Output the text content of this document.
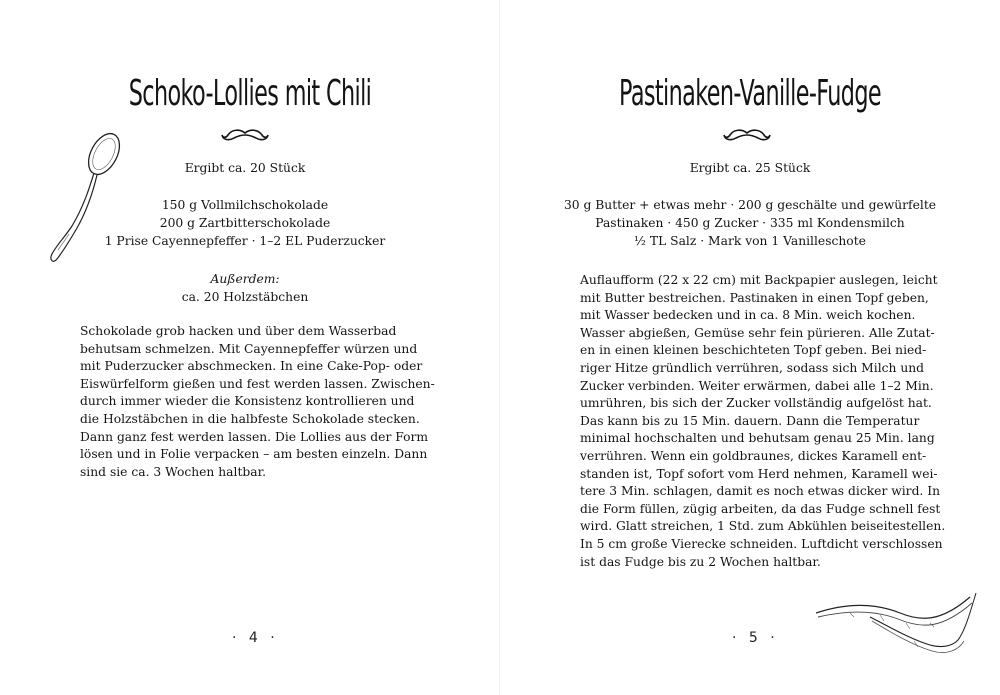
Schoko-Lollies mit Chili
Ergibt ca. 20 Stück
150 g Vollmilchschokolade
200 g Zartbitterschokolade
1 Prise Cayennepfeffer · 1–2 EL Puderzucker
Außerdem:
ca. 20 Holzstäbchen
Schokolade grob hacken und über dem Wasserbad
behutsam schmelzen. Mit Cayennepfeffer würzen und
mit Puderzucker abschmecken. In eine Cake-Pop- oder
Eiswürfelform gießen und fest werden lassen. Zwischen-
durch immer wieder die Konsistenz kontrollieren und
die Holzstäbchen in die halbfeste Schokolade stecken.
Dann ganz fest werden lassen. Die Lollies aus der Form
lösen und in Folie verpacken – am besten einzeln. Dann
sind sie ca. 3 Wochen haltbar.
· 4 ·
Pastinaken-Vanille-Fudge
Ergibt ca. 25 Stück
30 g Butter + etwas mehr · 200 g geschälte und gewürfelte
Pastinaken · 450 g Zucker · 335 ml Kondensmilch
½ TL Salz · Mark von 1 Vanilleschote
Auflaufform (22 x 22 cm) mit Backpapier auslegen, leicht
mit Butter bestreichen. Pastinaken in einen Topf geben,
mit Wasser bedecken und in ca. 8 Min. weich kochen.
Wasser abgießen, Gemüse sehr fein pürieren. Alle Zutat-
en in einen kleinen beschichteten Topf geben. Bei nied-
riger Hitze gründlich verrühren, sodass sich Milch und
Zucker verbinden. Weiter erwärmen, dabei alle 1–2 Min.
umrühren, bis sich der Zucker vollständig aufgelöst hat.
Das kann bis zu 15 Min. dauern. Dann die Temperatur
minimal hochschalten und behutsam genau 25 Min. lang
verrühren. Wenn ein goldbraunes, dickes Karamell ent-
standen ist, Topf sofort vom Herd nehmen, Karamell wei-
tere 3 Min. schlagen, damit es noch etwas dicker wird. In
die Form füllen, zügig arbeiten, da das Fudge schnell fest
wird. Glatt streichen, 1 Std. zum Abkühlen beiseitestellen.
In 5 cm große Vierecke schneiden. Luftdicht verschlossen
ist das Fudge bis zu 2 Wochen haltbar.
· 5 ·
